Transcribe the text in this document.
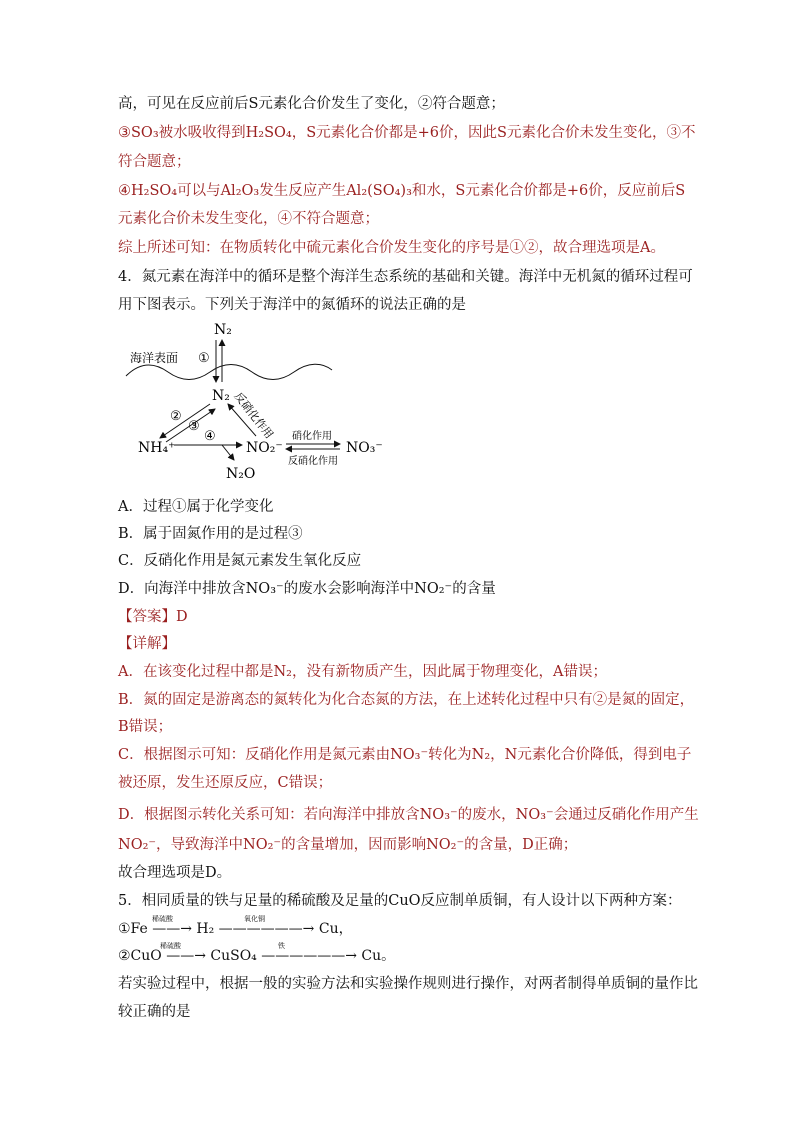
高，可见在反应前后S元素化合价发生了变化，②符合题意；
③SO₃被水吸收得到H₂SO₄，S元素化合价都是+6价，因此S元素化合价未发生变化，③不
符合题意；
④H₂SO₄可以与Al₂O₃发生反应产生Al₂(SO₄)₃和水，S元素化合价都是+6价，反应前后S
元素化合价未发生变化，④不符合题意；
综上所述可知：在物质转化中硫元素化合价发生变化的序号是①②，故合理选项是A。
4．氮元素在海洋中的循环是整个海洋生态系统的基础和关键。海洋中无机氮的循环过程可
用下图表示。下列关于海洋中的氮循环的说法正确的是
海洋表面
N₂
①
N₂
②
③	反硝化作用
NH₄⁺
④
N₂O
NO₂⁻
硝化作用
反硝化作用
NO₃⁻
A．过程①属于化学变化
B．属于固氮作用的是过程③
C．反硝化作用是氮元素发生氧化反应
D．向海洋中排放含NO₃⁻的废水会影响海洋中NO₂⁻的含量
【答案】D
【详解】
A．在该变化过程中都是N₂，没有新物质产生，因此属于物理变化，A错误；
B．氮的固定是游离态的氮转化为化合态氮的方法，在上述转化过程中只有②是氮的固定，
B错误；
C．根据图示可知：反硝化作用是氮元素由NO₃⁻转化为N₂，N元素化合价降低，得到电子
被还原，发生还原反应，C错误；
D．根据图示转化关系可知：若向海洋中排放含NO₃⁻的废水，NO₃⁻会通过反硝化作用产生
NO₂⁻，导致海洋中NO₂⁻的含量增加，因而影响NO₂⁻的含量，D正确；
故合理选项是D。
5．相同质量的铁与足量的稀硫酸及足量的CuO反应制单质铜，有人设计以下两种方案：
①Fe ——→ H₂ ——————→ Cu，
稀硫酸	氧化铜
②CuO ——→ CuSO₄ ——————→ Cu。
稀硫酸	铁
若实验过程中，根据一般的实验方法和实验操作规则进行操作，对两者制得单质铜的量作比
较正确的是
